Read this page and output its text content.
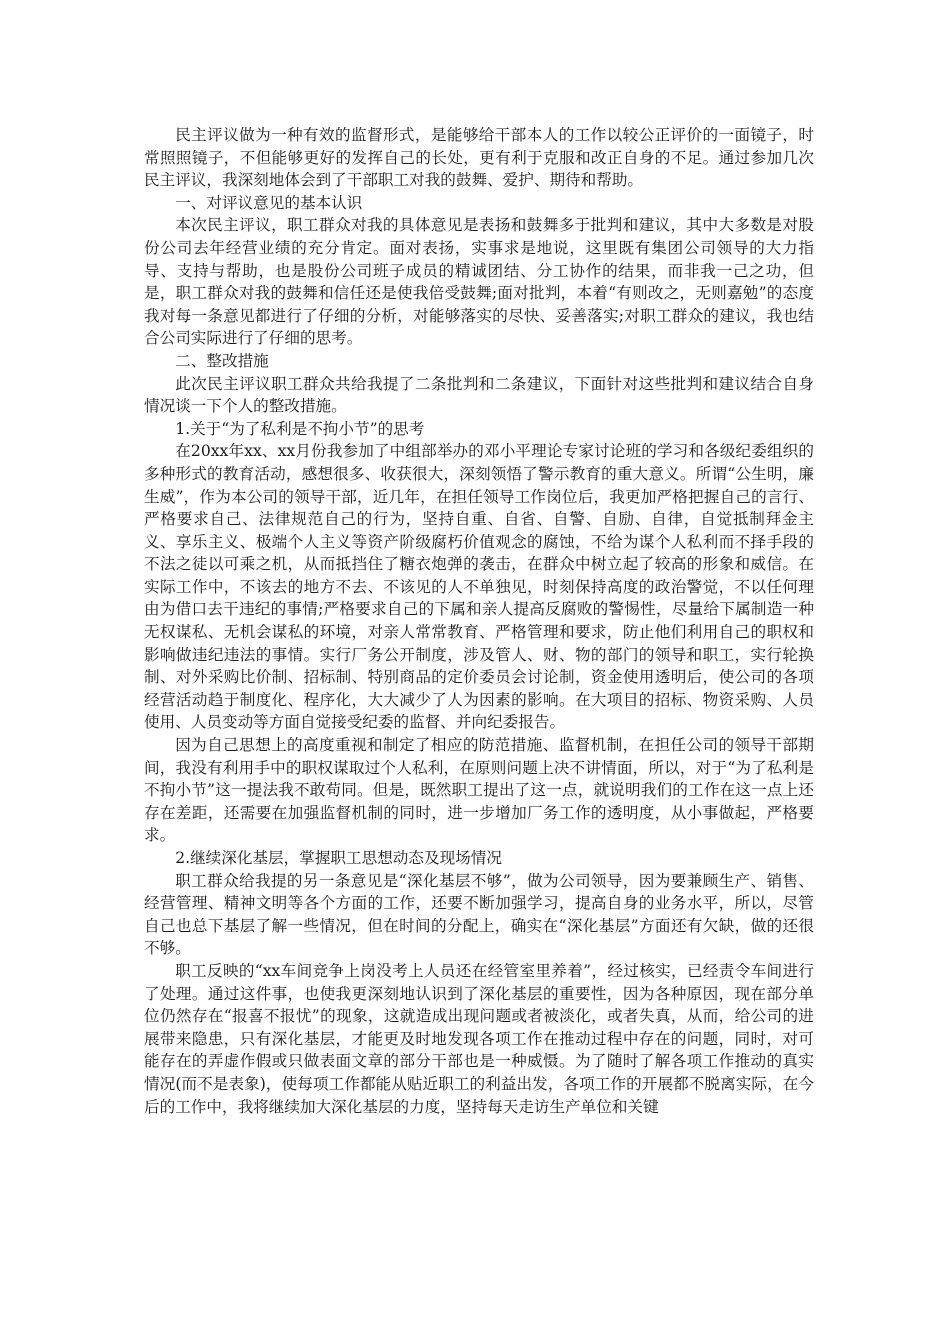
民主评议做为一种有效的监督形式，是能够给干部本人的工作以较公正评价的一面镜子，时常照照镜子，不但能够更好的发挥自己的长处，更有利于克服和改正自身的不足。通过参加几次民主评议，我深刻地体会到了干部职工对我的鼓舞、爱护、期待和帮助。

一、对评议意见的基本认识

本次民主评议，职工群众对我的具体意见是表扬和鼓舞多于批判和建议，其中大多数是对股份公司去年经营业绩的充分肯定。面对表扬，实事求是地说，这里既有集团公司领导的大力指导、支持与帮助，也是股份公司班子成员的精诚团结、分工协作的结果，而非我一己之功，但是，职工群众对我的鼓舞和信任还是使我倍受鼓舞;面对批判，本着“有则改之，无则嘉勉”的态度我对每一条意见都进行了仔细的分析，对能够落实的尽快、妥善落实;对职工群众的建议，我也结合公司实际进行了仔细的思考。

二、整改措施

此次民主评议职工群众共给我提了二条批判和二条建议，下面针对这些批判和建议结合自身情况谈一下个人的整改措施。

1.关于“为了私利是不拘小节”的思考

在20xx年xx、xx月份我参加了中组部举办的邓小平理论专家讨论班的学习和各级纪委组织的多种形式的教育活动，感想很多、收获很大，深刻领悟了警示教育的重大意义。所谓“公生明，廉生威”，作为本公司的领导干部，近几年，在担任领导工作岗位后，我更加严格把握自己的言行、严格要求自己、法律规范自己的行为，坚持自重、自省、自警、自励、自律，自觉抵制拜金主义、享乐主义、极端个人主义等资产阶级腐朽价值观念的腐蚀，不给为谋个人私利而不择手段的不法之徒以可乘之机，从而抵挡住了糖衣炮弹的袭击，在群众中树立起了较高的形象和威信。在实际工作中，不该去的地方不去、不该见的人不单独见，时刻保持高度的政治警觉，不以任何理由为借口去干违纪的事情;严格要求自己的下属和亲人提高反腐败的警惕性，尽量给下属制造一种无权谋私、无机会谋私的环境，对亲人常常教育、严格管理和要求，防止他们利用自己的职权和影响做违纪违法的事情。实行厂务公开制度，涉及管人、财、物的部门的领导和职工，实行轮换制、对外采购比价制、招标制、特别商品的定价委员会讨论制，资金使用透明后，使公司的各项经营活动趋于制度化、程序化，大大减少了人为因素的影响。在大项目的招标、物资采购、人员使用、人员变动等方面自觉接受纪委的监督、并向纪委报告。

因为自己思想上的高度重视和制定了相应的防范措施、监督机制，在担任公司的领导干部期间，我没有利用手中的职权谋取过个人私利，在原则问题上决不讲情面，所以，对于“为了私利是不拘小节”这一提法我不敢苟同。但是，既然职工提出了这一点，就说明我们的工作在这一点上还存在差距，还需要在加强监督机制的同时，进一步增加厂务工作的透明度，从小事做起，严格要求。

2.继续深化基层，掌握职工思想动态及现场情况

职工群众给我提的另一条意见是“深化基层不够”，做为公司领导，因为要兼顾生产、销售、经营管理、精神文明等各个方面的工作，还要不断加强学习，提高自身的业务水平，所以，尽管自己也总下基层了解一些情况，但在时间的分配上，确实在“深化基层”方面还有欠缺，做的还很不够。

职工反映的“xx车间竞争上岗没考上人员还在经管室里养着”，经过核实，已经责令车间进行了处理。通过这件事，也使我更深刻地认识到了深化基层的重要性，因为各种原因，现在部分单位仍然存在“报喜不报忧”的现象，这就造成出现问题或者被淡化，或者失真，从而，给公司的进展带来隐患，只有深化基层，才能更及时地发现各项工作在推动过程中存在的问题，同时，对可能存在的弄虚作假或只做表面文章的部分干部也是一种威慑。为了随时了解各项工作推动的真实情况(而不是表象)，使每项工作都能从贴近职工的利益出发，各项工作的开展都不脱离实际，在今后的工作中，我将继续加大深化基层的力度，坚持每天走访生产单位和关键
